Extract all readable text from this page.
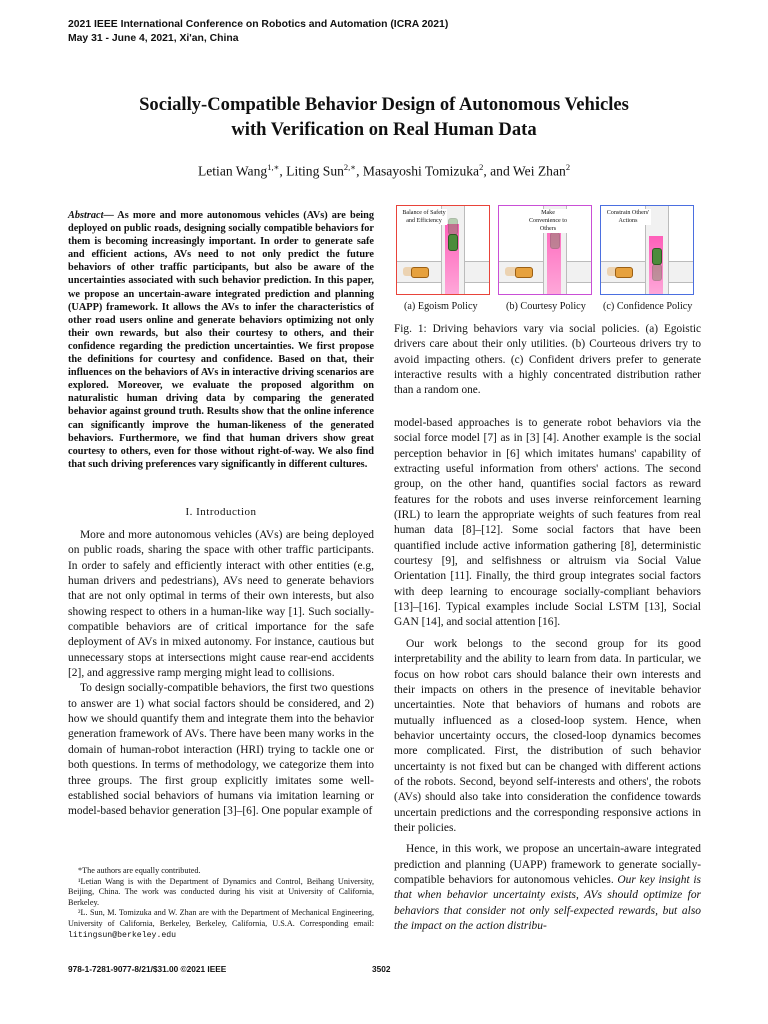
2021 IEEE International Conference on Robotics and Automation (ICRA 2021)
May 31 - June 4, 2021, Xi'an, China
Socially-Compatible Behavior Design of Autonomous Vehicles
with Verification on Real Human Data
Letian Wang$^{1,∗}$, Liting Sun$^{2,∗}$, Masayoshi Tomizuka$^2$, and Wei Zhan$^2$
Abstract— As more and more autonomous vehicles (AVs) are being deployed on public roads, designing socially compatible behaviors for them is becoming increasingly important. In order to generate safe and efficient actions, AVs need to not only predict the future behaviors of other traffic participants, but also be aware of the uncertainties associated with such behavior prediction. In this paper, we propose an uncertain-aware integrated prediction and planning (UAPP) framework. It allows the AVs to infer the characteristics of other road users online and generate behaviors optimizing not only their own rewards, but also their courtesy to others, and their confidence regarding the prediction uncertainties. We first propose the definitions for courtesy and confidence. Based on that, their influences on the behaviors of AVs in interactive driving scenarios are explored. Moreover, we evaluate the proposed algorithm on naturalistic human driving data by comparing the generated behavior against ground truth. Results show that the online inference can significantly improve the human-likeness of the generated behaviors. Furthermore, we find that human drivers show great courtesy to others, even for those without right-of-way. We also find that such driving preferences vary significantly in different cultures.
I. Introduction

More and more autonomous vehicles (AVs) are being deployed on public roads, sharing the space with other traffic participants. In order to safely and efficiently interact with other entities (e.g, human drivers and pedestrians), AVs need to generate behaviors that are not only optimal in terms of their own interests, but also showing respect to others in a human-like way [1]. Such socially-compatible behaviors are of critical importance for the safe deployment of AVs in mixed autonomy. For instance, cautious but unnecessary stops at intersections might cause rear-end accidents [2], and aggressive ramp merging might lead to collisions.

To design socially-compatible behaviors, the first two questions to answer are 1) what social factors should be considered, and 2) how we should quantify them and integrate them into the behavior generation framework of AVs. There have been many works in the domain of human-robot interaction (HRI) trying to tackle one or both questions. In terms of methodology, we categorize them into three groups. The first group explicitly imitates some well-established social behaviors of humans via imitation learning or model-based behavior generation [3]–[6]. One popular example of

*The authors are equally contributed.

¹Letian Wang is with the Department of Dynamics and Control, Beihang University, Beijing, China. The work was conducted during his visit at University of California, Berkeley.

²L. Sun, M. Tomizuka and W. Zhan are with the Department of Mechanical Engineering, University of California, Berkeley, Berkeley, California, U.S.A. Corresponding email: litingsun@berkeley.edu

Balance of Safety and Efficiency
Make Convenience to Others
Constrain Others' Actions
(a) Egoism Policy	(b) Courtesy Policy (c) Confidence Policy
Fig. 1: Driving behaviors vary via social policies. (a) Egoistic drivers care about their only utilities. (b) Courteous drivers try to avoid impacting others. (c) Confident drivers prefer to generate interactive results with a highly concentrated distribution rather than a random one.

model-based approaches is to generate robot behaviors via the social force model [7] as in [3] [4]. Another example is the social perception behavior in [6] which imitates humans' capability of extracting useful information from others' actions. The second group, on the other hand, quantifies social factors as reward features for the robots and uses inverse reinforcement learning (IRL) to learn the appropriate weights of such features from real human data [8]–[12]. Some social factors that have been quantified include active information gathering [8], deterministic courtesy [9], and selfishness or altruism via Social Value Orientation [11]. Finally, the third group integrates social factors with deep learning to encourage socially-compliant behaviors [13]–[16]. Typical examples include Social LSTM [13], Social GAN [14], and social attention [16].

Our work belongs to the second group for its good interpretability and the ability to learn from data. In particular, we focus on how robot cars should balance their own interests and their impacts on others in the presence of inevitable behavior uncertainties. Note that behaviors of humans and robots are mutually influenced as a closed-loop system. Hence, when behavior uncertainty occurs, the closed-loop dynamics becomes more complicated. First, the distribution of such behavior uncertainty is not fixed but can be changed with different actions of the robots. Second, beyond self-interests and others', the robots (AVs) should also take into consideration the confidence towards uncertain predictions and the corresponding responsive actions in their policies.

Hence, in this work, we propose an uncertain-aware integrated prediction and planning (UAPP) framework to generate socially-compatible behaviors for autonomous vehicles. Our key insight is that when behavior uncertainty exists, AVs should optimize for behaviors that consider not only self-expected rewards, but also the impact on the action distribu-

978-1-7281-9077-8/21/$31.00 ©2021 IEEE	3502
